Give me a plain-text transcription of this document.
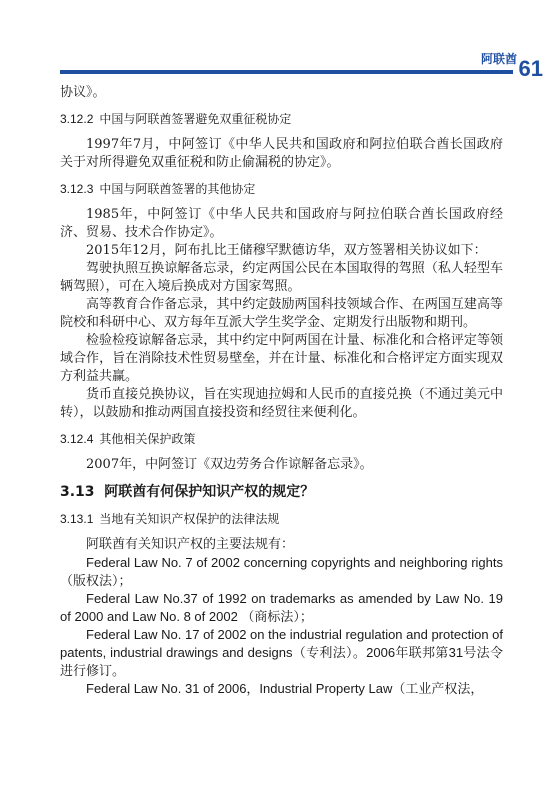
阿联酋 61

协议》。

3.12.2 中国与阿联酋签署避免双重征税协定

1997年7月，中阿签订《中华人民共和国政府和阿拉伯联合酋长国政府关于对所得避免双重征税和防止偷漏税的协定》。

3.12.3 中国与阿联酋签署的其他协定

1985年，中阿签订《中华人民共和国政府与阿拉伯联合酋长国政府经济、贸易、技术合作协定》。

2015年12月，阿布扎比王储穆罕默德访华，双方签署相关协议如下：

驾驶执照互换谅解备忘录，约定两国公民在本国取得的驾照（私人轻型车辆驾照），可在入境后换成对方国家驾照。

高等教育合作备忘录，其中约定鼓励两国科技领域合作、在两国互建高等院校和科研中心、双方每年互派大学生奖学金、定期发行出版物和期刊。

检验检疫谅解备忘录，其中约定中阿两国在计量、标准化和合格评定等领域合作，旨在消除技术性贸易壁垒，并在计量、标准化和合格评定方面实现双方利益共赢。

货币直接兑换协议，旨在实现迪拉姆和人民币的直接兑换（不通过美元中转），以鼓励和推动两国直接投资和经贸往来便利化。

3.12.4 其他相关保护政策

2007年，中阿签订《双边劳务合作谅解备忘录》。

3.13 阿联酋有何保护知识产权的规定？

3.13.1 当地有关知识产权保护的法律法规

阿联酋有关知识产权的主要法规有：

Federal Law No. 7 of 2002 concerning copyrights and neighboring rights （版权法）；

Federal Law No.37 of 1992 on trademarks as amended by Law No. 19 of 2000 and Law No. 8 of 2002 （商标法）；

Federal Law No. 17 of 2002 on the industrial regulation and protection of patents, industrial drawings and designs（专利法）。2006年联邦第31号法令进行修订。

Federal Law No. 31 of 2006，Industrial Property Law（工业产权法，
